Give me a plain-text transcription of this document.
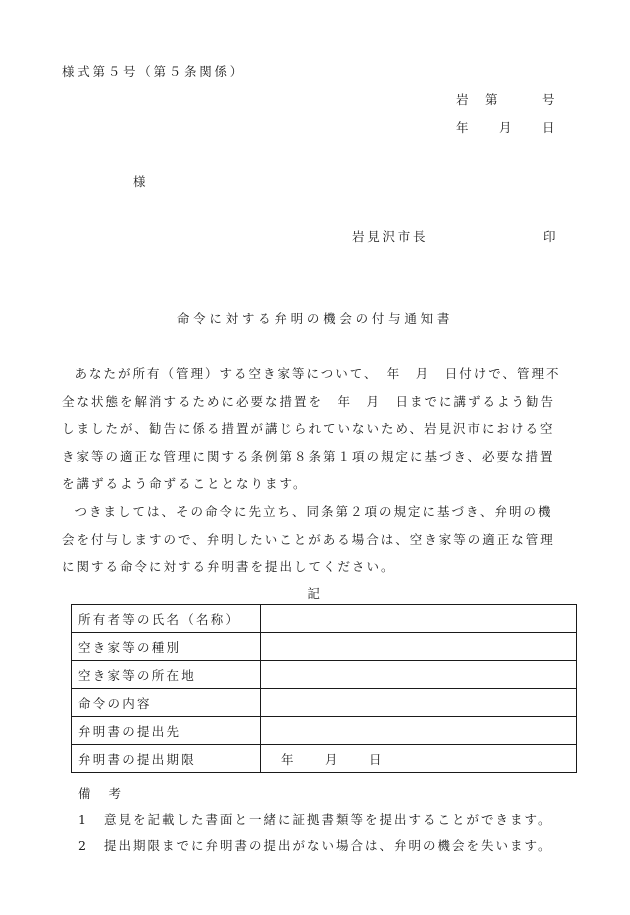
様式第５号（第５条関係）
岩 第	号
年 月 日
様
岩見沢市長	印
命令に対する弁明の機会の付与通知書

あなたが所有（管理）する空き家等について、　年　月　日付けで、管理不全な状態を解消するために必要な措置を　年　月　日までに講ずるよう勧告しましたが、勧告に係る措置が講じられていないため、岩見沢市における空き家等の適正な管理に関する条例第８条第１項の規定に基づき、必要な措置を講ずるよう命ずることとなります。

つきましては、その命令に先立ち、同条第２項の規定に基づき、弁明の機会を付与しますので、弁明したいことがある場合は、空き家等の適正な管理に関する命令に対する弁明書を提出してください。

記
所有者等の氏名（名称）	
空き家等の種別	
空き家等の所在地	
命令の内容	
弁明書の提出先	
弁明書の提出期限	年 月 日
備　考
1 意見を記載した書面と一緒に証拠書類等を提出することができます。
2 提出期限までに弁明書の提出がない場合は、弁明の機会を失います。
